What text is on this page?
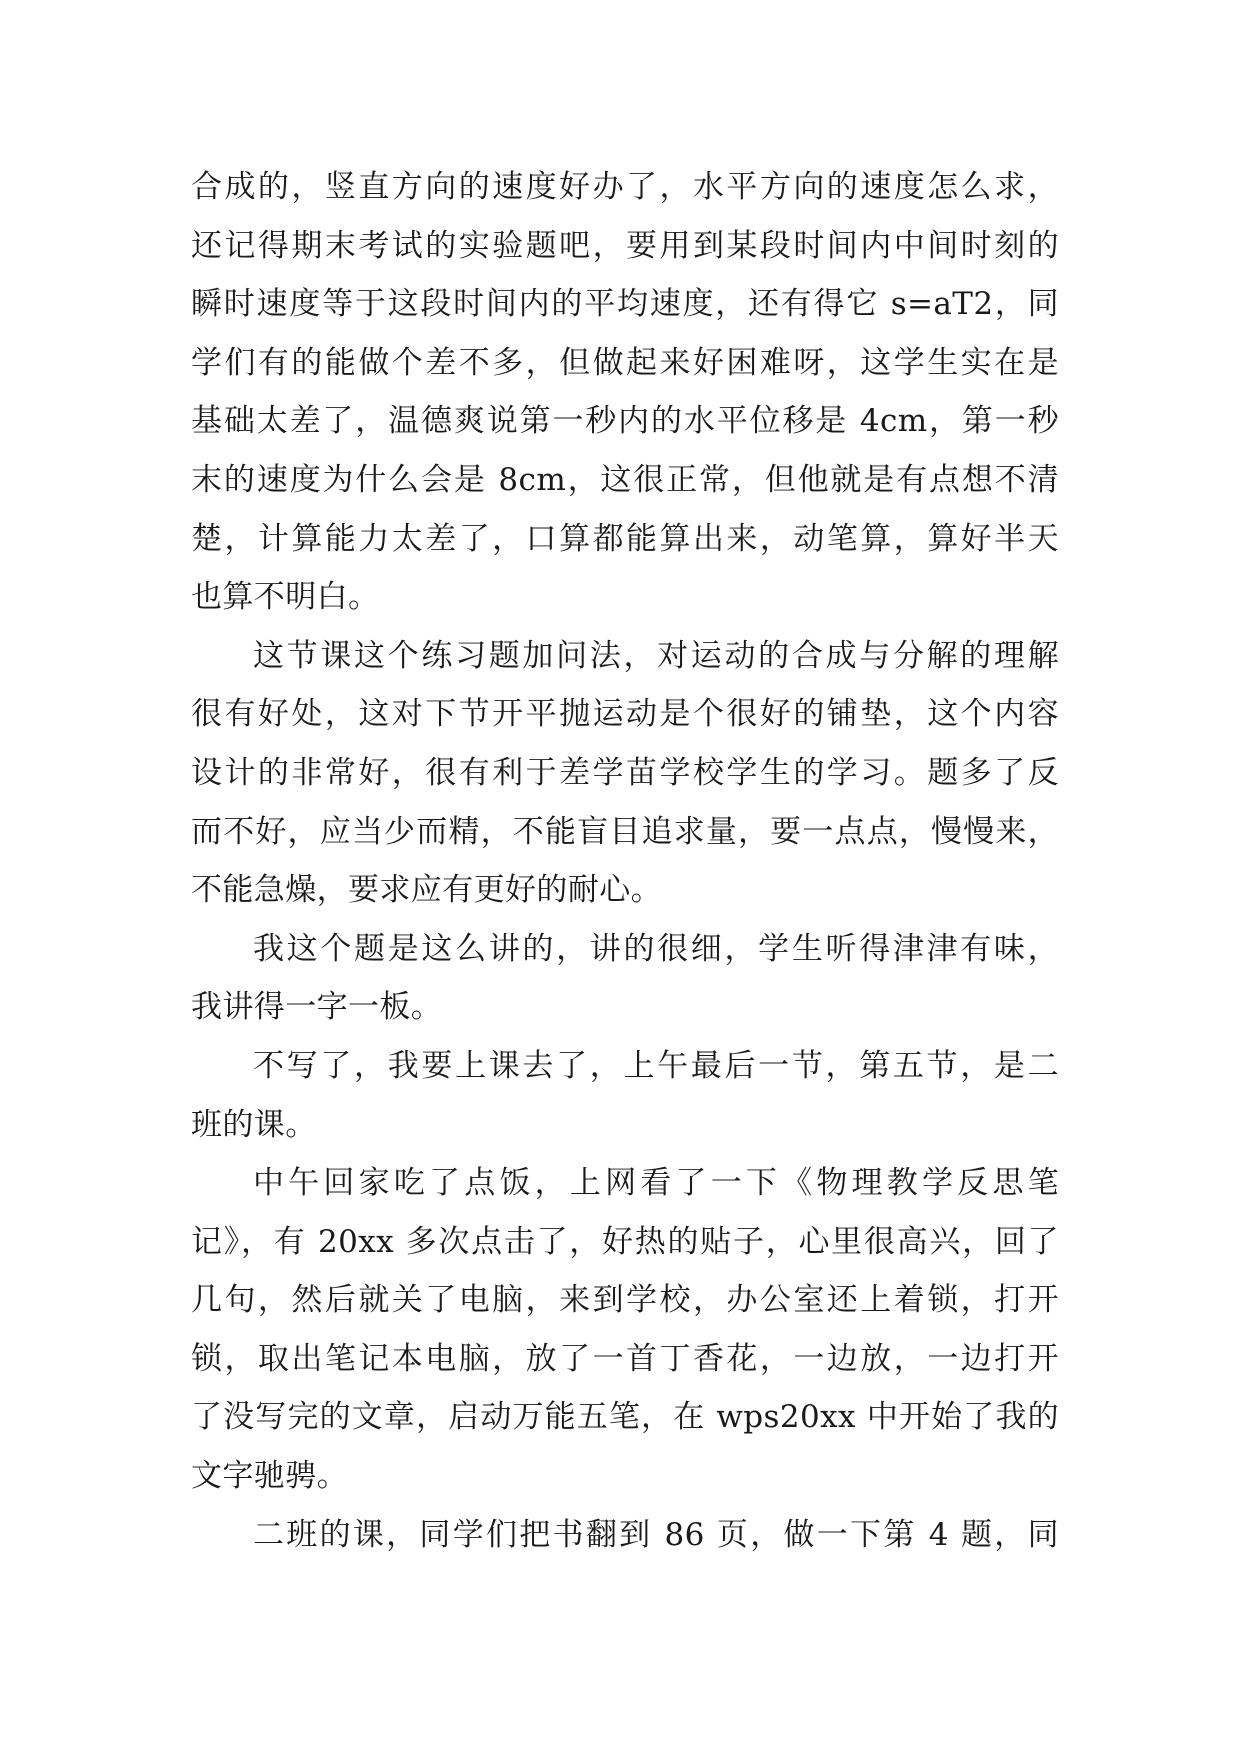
合成的，竖直方向的速度好办了，水平方向的速度怎么求，
还记得期末考试的实验题吧，要用到某段时间内中间时刻的
瞬时速度等于这段时间内的平均速度，还有得它 s=aT2，同
学们有的能做个差不多，但做起来好困难呀，这学生实在是
基础太差了，温德爽说第一秒内的水平位移是 4cm，第一秒
末的速度为什么会是 8cm，这很正常，但他就是有点想不清
楚，计算能力太差了，口算都能算出来，动笔算，算好半天
也算不明白。
这节课这个练习题加问法，对运动的合成与分解的理解
很有好处，这对下节开平抛运动是个很好的铺垫，这个内容
设计的非常好，很有利于差学苗学校学生的学习。题多了反
而不好，应当少而精，不能盲目追求量，要一点点，慢慢来，
不能急燥，要求应有更好的耐心。
我这个题是这么讲的，讲的很细，学生听得津津有味，
我讲得一字一板。
不写了，我要上课去了，上午最后一节，第五节，是二
班的课。
中午回家吃了点饭，上网看了一下《物理教学反思笔
记》，有 20xx 多次点击了，好热的贴子，心里很高兴，回了
几句，然后就关了电脑，来到学校，办公室还上着锁，打开
锁，取出笔记本电脑，放了一首丁香花，一边放，一边打开
了没写完的文章，启动万能五笔，在 wps20xx 中开始了我的
文字驰骋。
二班的课，同学们把书翻到 86 页，做一下第 4 题，同
